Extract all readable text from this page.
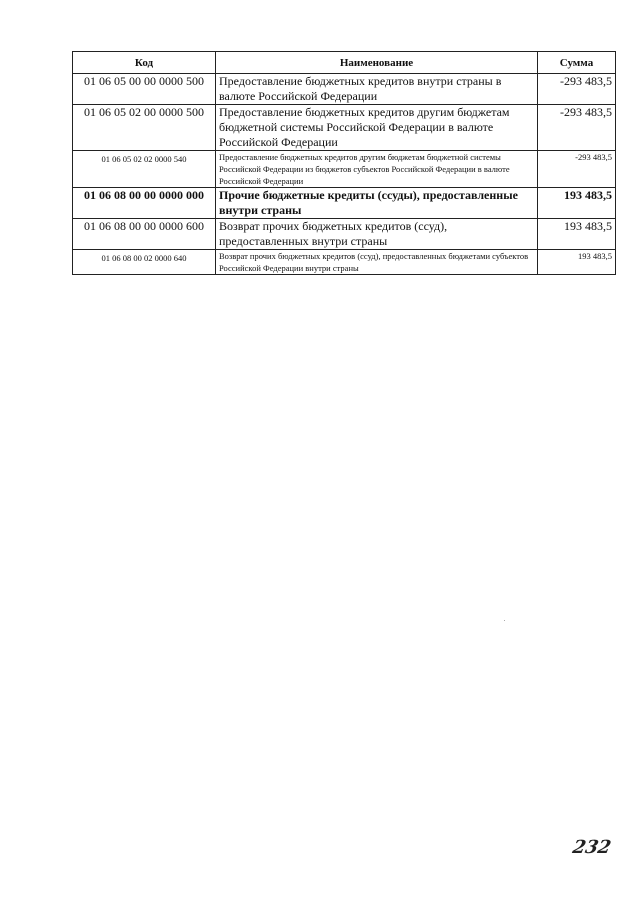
Код	Наименование	Сумма
01 06 05 00 00 0000 500	Предоставление бюджетных кредитов внутри страны в валюте Российской Федерации	-293 483,5
01 06 05 02 00 0000 500	Предоставление бюджетных кредитов другим бюджетам бюджетной системы Российской Федерации в валюте Российской Федерации	-293 483,5
01 06 05 02 02 0000 540	Предоставление бюджетных кредитов другим бюджетам бюджетной системы Российской Федерации из бюджетов субъектов Российской Федерации в валюте Российской Федерации	-293 483,5
01 06 08 00 00 0000 000	Прочие бюджетные кредиты (ссуды), предоставленные внутри страны	193 483,5
01 06 08 00 00 0000 600	Возврат прочих бюджетных кредитов (ссуд), предоставленных внутри страны	193 483,5
01 06 08 00 02 0000 640	Возврат прочих бюджетных кредитов (ссуд), предоставленных бюджетами субъектов Российской Федерации внутри страны	193 483,5
232
